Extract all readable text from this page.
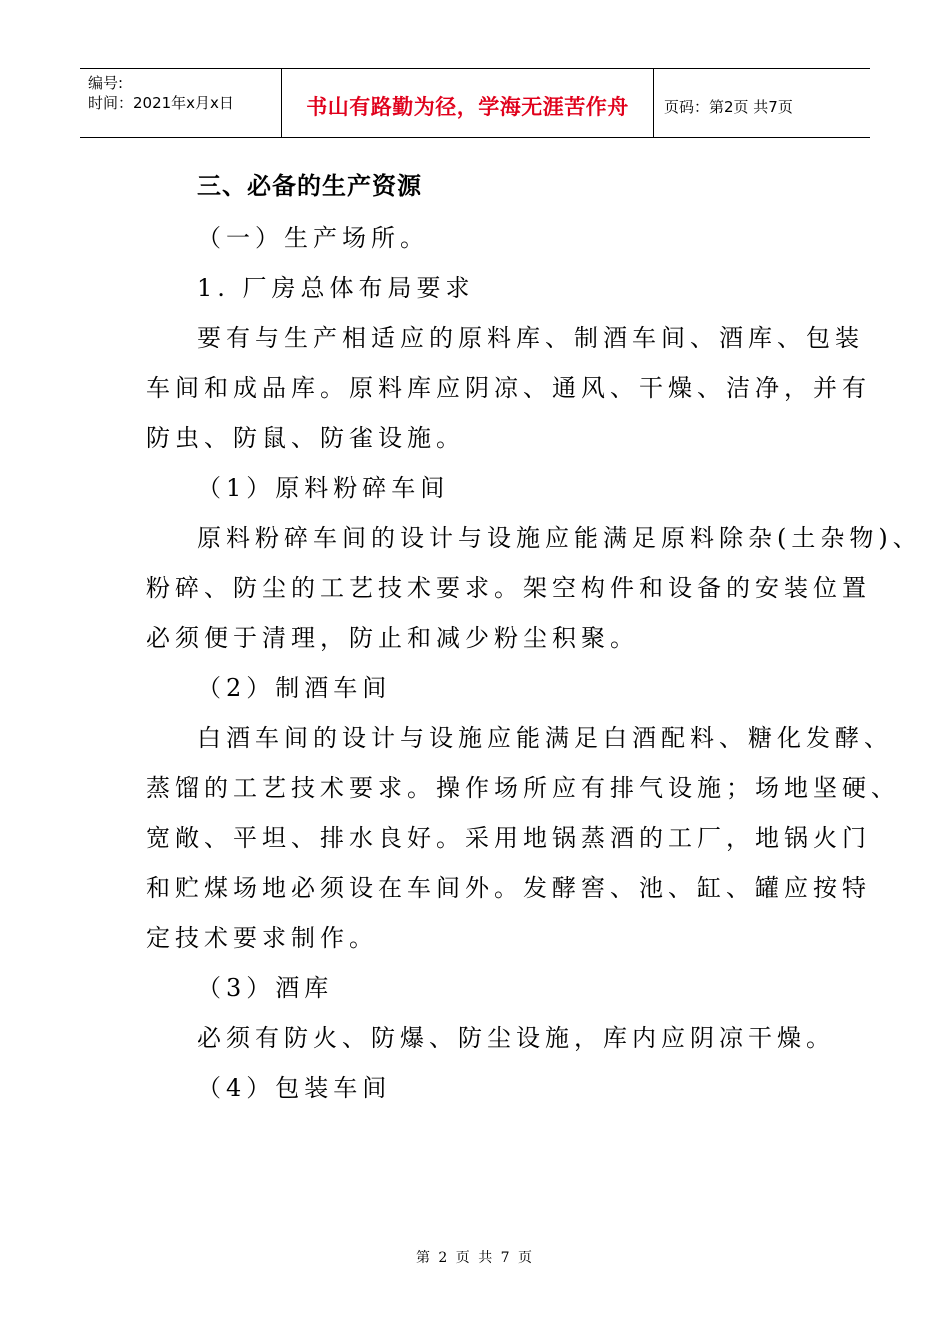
编号:
时间：2021年x月x日	书山有路勤为径，学海无涯苦作舟 页码：第2页 共7页
三、必备的生产资源
（一）生产场所。
1. 厂房总体布局要求
要有与生产相适应的原料库、制酒车间、酒库、包装
车间和成品库。原料库应阴凉、通风、干燥、洁净，并有
防虫、防鼠、防雀设施。
（1）原料粉碎车间
原料粉碎车间的设计与设施应能满足原料除杂(土杂物)、
粉碎、防尘的工艺技术要求。架空构件和设备的安装位置
必须便于清理，防止和减少粉尘积聚。
（2）制酒车间
白酒车间的设计与设施应能满足白酒配料、糖化发酵、
蒸馏的工艺技术要求。操作场所应有排气设施；场地坚硬、
宽敞、平坦、排水良好。采用地锅蒸酒的工厂，地锅火门
和贮煤场地必须设在车间外。发酵窖、池、缸、罐应按特
定技术要求制作。
（3）酒库
必须有防火、防爆、防尘设施，库内应阴凉干燥。
（4）包装车间
第 2 页 共 7 页
